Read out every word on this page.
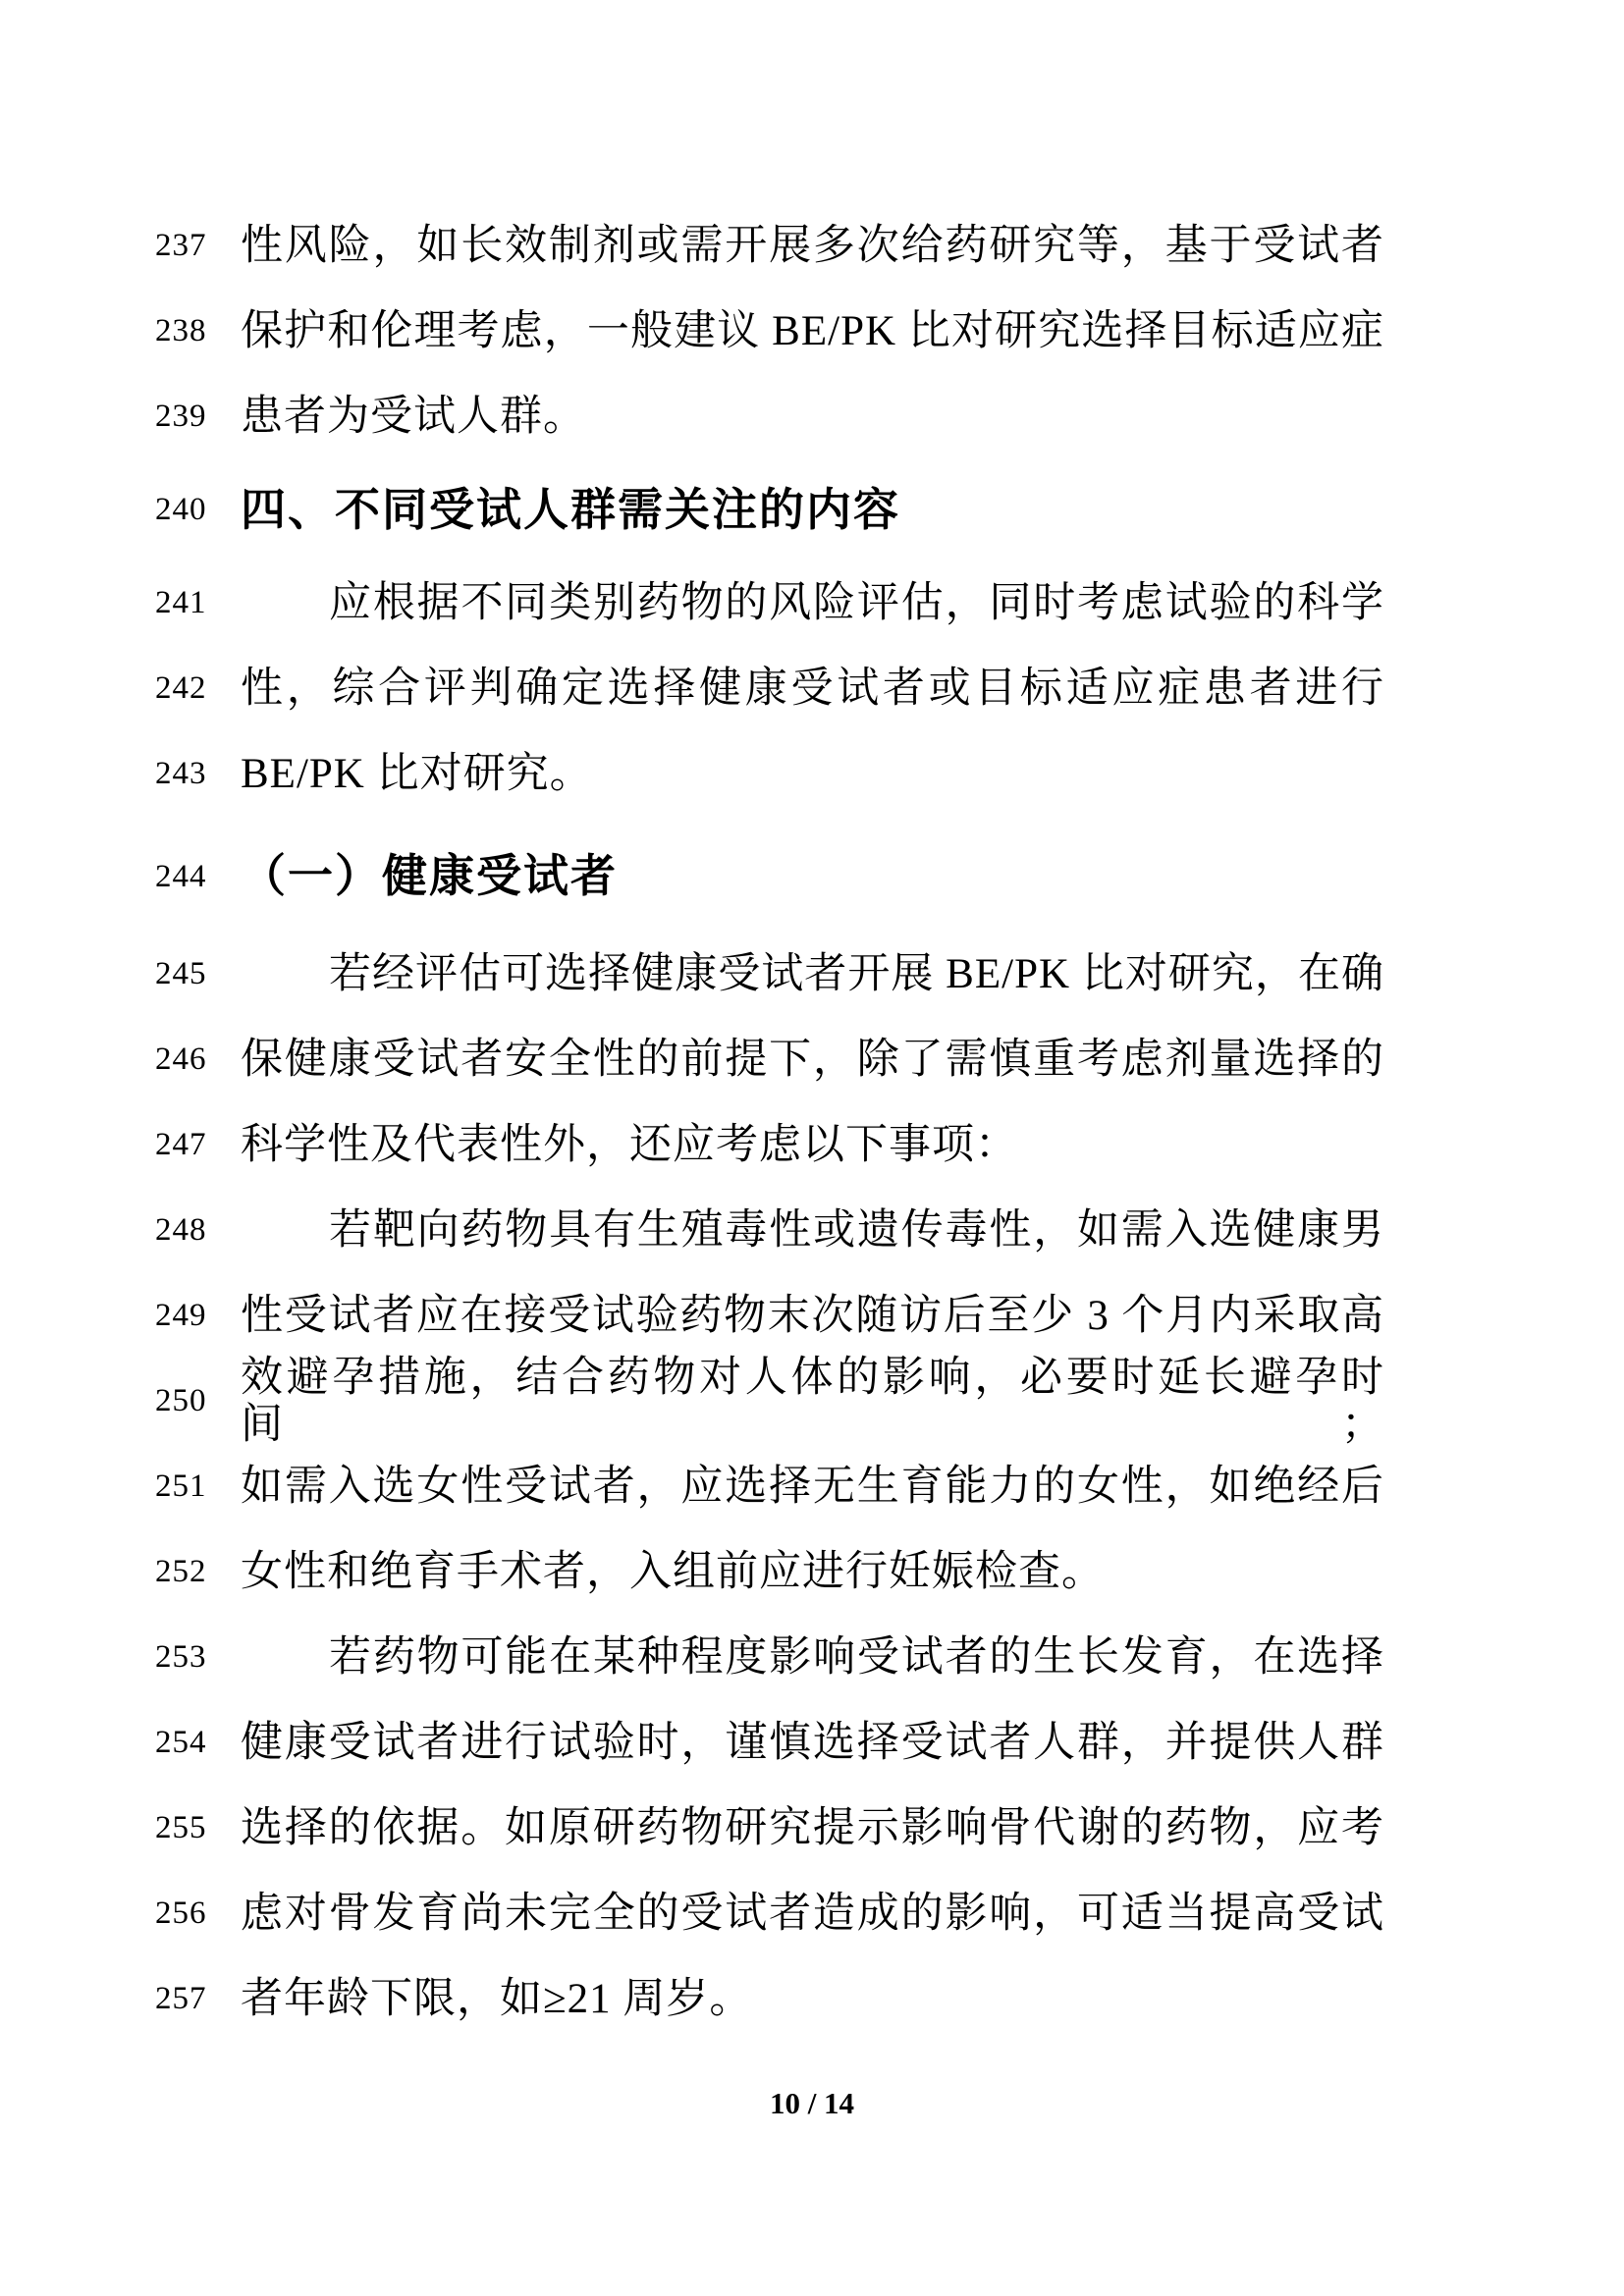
237 性风险，如长效制剂或需开展多次给药研究等，基于受试者
238 保护和伦理考虑，一般建议 BE/PK 比对研究选择目标适应症
239 患者为受试人群。
240 四、不同受试人群需关注的内容
241	应根据不同类别药物的风险评估，同时考虑试验的科学
242 性，综合评判确定选择健康受试者或目标适应症患者进行
243 BE/PK 比对研究。
244 （一）健康受试者
245	若经评估可选择健康受试者开展 BE/PK 比对研究，在确
246 保健康受试者安全性的前提下，除了需慎重考虑剂量选择的
247 科学性及代表性外，还应考虑以下事项：
248	若靶向药物具有生殖毒性或遗传毒性，如需入选健康男
249 性受试者应在接受试验药物末次随访后至少 3 个月内采取高
250 效避孕措施，结合药物对人体的影响，必要时延长避孕时间；
251 如需入选女性受试者，应选择无生育能力的女性，如绝经后
252 女性和绝育手术者，入组前应进行妊娠检查。
253	若药物可能在某种程度影响受试者的生长发育，在选择
254 健康受试者进行试验时，谨慎选择受试者人群，并提供人群
255 选择的依据。如原研药物研究提示影响骨代谢的药物，应考
256 虑对骨发育尚未完全的受试者造成的影响，可适当提高受试
257 者年龄下限，如≥21 周岁。
10 / 14
